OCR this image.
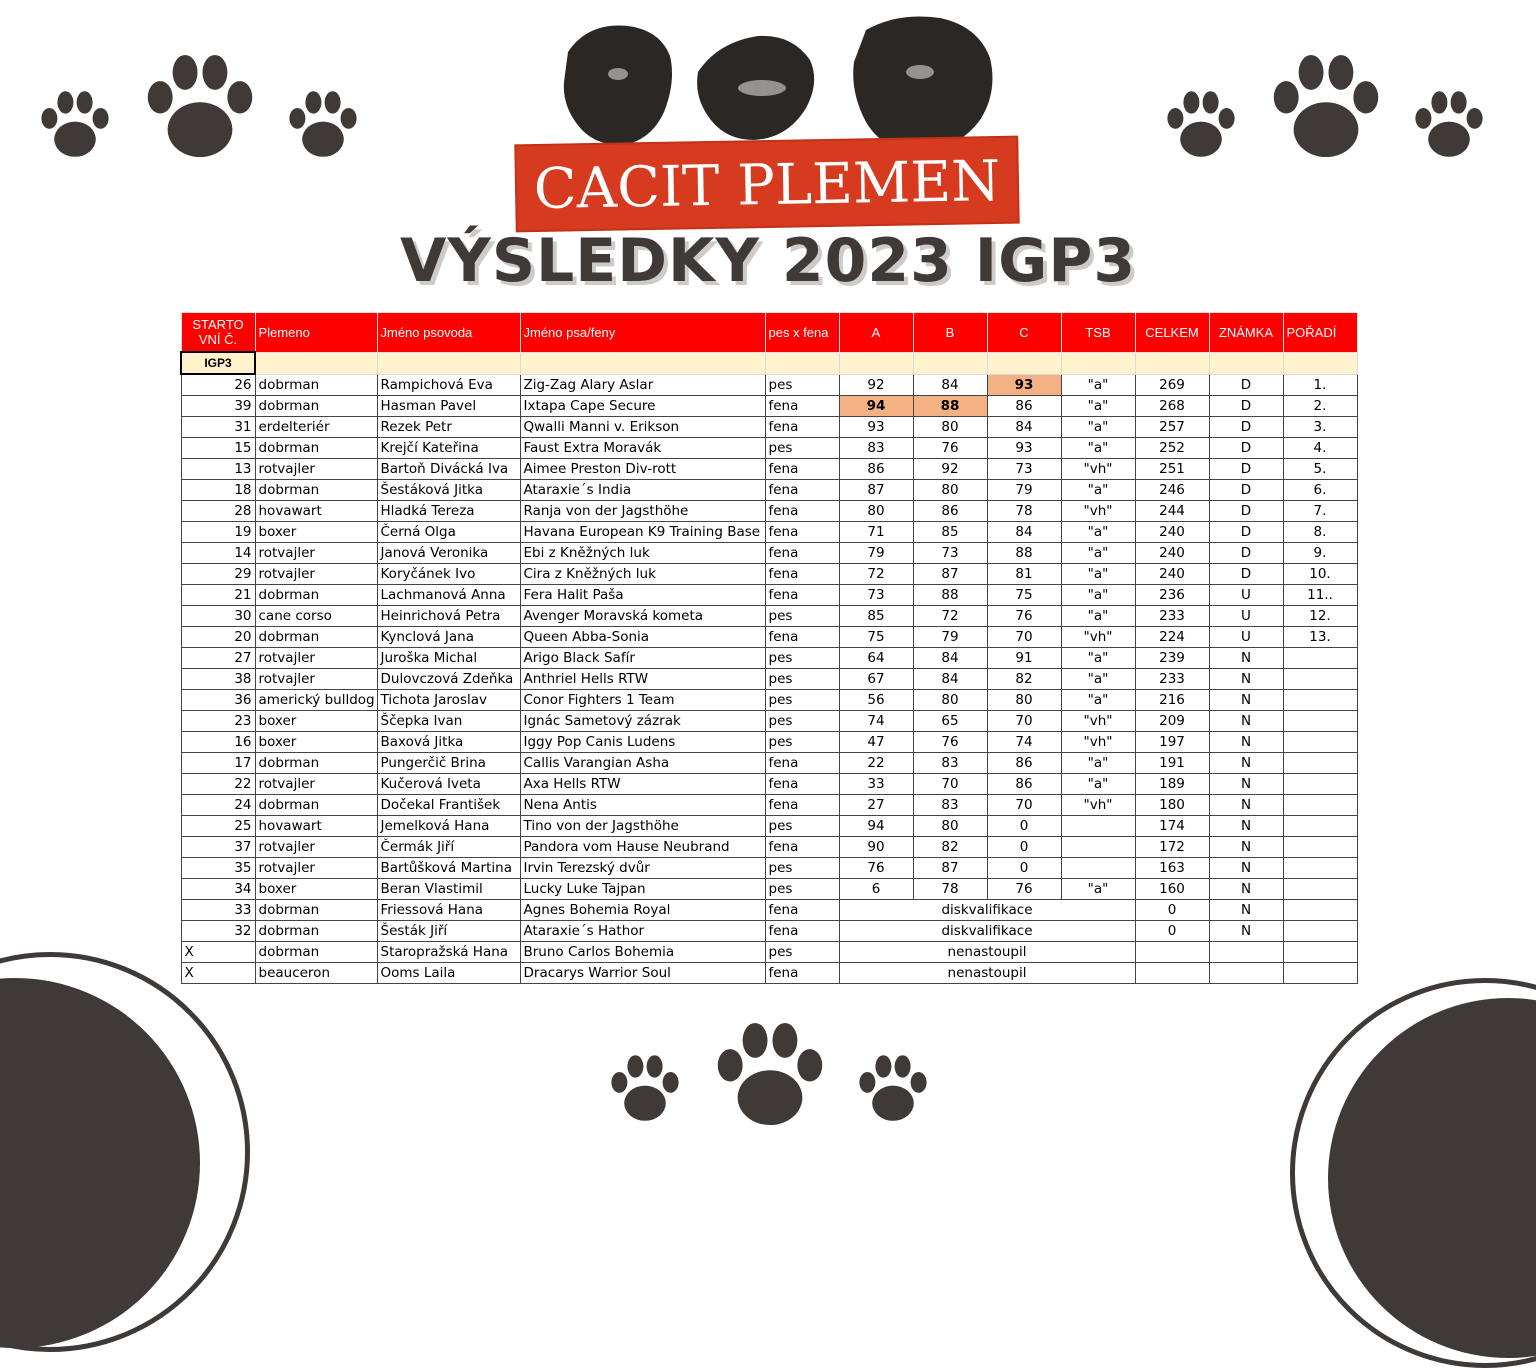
CACIT PLEMEN
VÝSLEDKY 2023 IGP3
STARTO VNÍ Č.	Plemeno	Jméno psovoda	Jméno psa/feny	pes x fena	A	B	C	TSB	CELKEM	ZNÁMKA	POŘADÍ	
IGP3												
26	dobrman	Rampichová Eva	Zig-Zag Alary Aslar	pes	92	84	93	"a"	269	D	1.	
39	dobrman	Hasman Pavel	Ixtapa Cape Secure	fena	94	88	86	"a"	268	D	2.	
31	erdelteriér	Rezek Petr	Qwalli Manni v. Erikson	fena	93	80	84	"a"	257	D	3.	
15	dobrman	Krejčí Kateřina	Faust Extra Moravák	pes	83	76	93	"a"	252	D	4.	
13	rotvajler	Bartoň Divácká Iva	Aimee Preston Div-rott	fena	86	92	73	"vh"	251	D	5.	
18	dobrman	Šestáková Jitka	Ataraxie´s India	fena	87	80	79	"a"	246	D	6.	
28	hovawart	Hladká Tereza	Ranja von der Jagsthöhe	fena	80	86	78	"vh"	244	D	7.	
19	boxer	Černá Olga	Havana European K9 Training Base	fena	71	85	84	"a"	240	D	8.	
14	rotvajler	Janová Veronika	Ebi z Kněžných luk	fena	79	73	88	"a"	240	D	9.	
29	rotvajler	Koryčánek Ivo	Cira z Kněžných luk	fena	72	87	81	"a"	240	D	10.	
21	dobrman	Lachmanová Anna	Fera Halit Paša	fena	73	88	75	"a"	236	U	11..	
30	cane corso	Heinrichová Petra	Avenger Moravská kometa	pes	85	72	76	"a"	233	U	12.	
20	dobrman	Kynclová Jana	Queen Abba-Sonia	fena	75	79	70	"vh"	224	U	13.	
27	rotvajler	Juroška Michal	Arigo Black Safír	pes	64	84	91	"a"	239	N		
38	rotvajler	Dulovczová Zdeňka	Anthriel Hells RTW	pes	67	84	82	"a"	233	N		
36	americký bulldog	Tichota Jaroslav	Conor Fighters 1 Team	pes	56	80	80	"a"	216	N		
23	boxer	Ščepka Ivan	Ignác Sametový zázrak	pes	74	65	70	"vh"	209	N		
16	boxer	Baxová Jitka	Iggy Pop Canis Ludens	pes	47	76	74	"vh"	197	N		
17	dobrman	Pungerčič Brina	Callis Varangian Asha	fena	22	83	86	"a"	191	N		
22	rotvajler	Kučerová Iveta	Axa Hells RTW	fena	33	70	86	"a"	189	N		
24	dobrman	Dočekal František	Nena Antis	fena	27	83	70	"vh"	180	N		
25	hovawart	Jemelková Hana	Tino von der Jagsthöhe	pes	94	80	0		174	N		
37	rotvajler	Čermák Jiří	Pandora vom Hause Neubrand	fena	90	82	0		172	N		
35	rotvajler	Bartůšková Martina	Irvin Terezský dvůr	pes	76	87	0		163	N		
34	boxer	Beran Vlastimil	Lucky Luke Tajpan	pes	6	78	76	"a"	160	N		
33	dobrman	Friessová Hana	Agnes Bohemia Royal	fena	diskvalifikace				0	N		
32	dobrman	Šesták Jiří	Ataraxie´s Hathor	fena	diskvalifikace				0	N		
X	dobrman	Staropražská Hana	Bruno Carlos Bohemia	pes	nenastoupil							
X	beauceron	Ooms Laila	Dracarys Warrior Soul	fena	nenastoupil							
